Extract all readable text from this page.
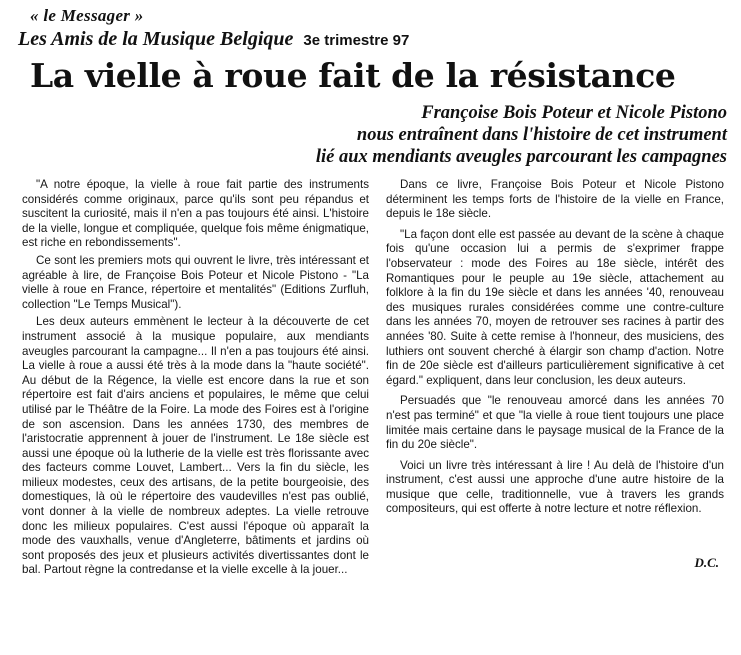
« le Messager »
Les Amis de la Musique Belgique 3e trimestre 97
La vielle à roue fait de la résistance
Françoise Bois Poteur et Nicole Pistono
nous entraînent dans l'histoire de cet instrument
lié aux mendiants aveugles parcourant les campagnes

"A notre époque, la vielle à roue fait partie des instruments considérés comme originaux, parce qu'ils sont peu répandus et suscitent la curiosité, mais il n'en a pas toujours été ainsi. L'histoire de la vielle, longue et compliquée, quelque fois même énigmatique, est riche en rebondissements".

Ce sont les premiers mots qui ouvrent le livre, très intéressant et agréable à lire, de Françoise Bois Poteur et Nicole Pistono - "La vielle à roue en France, répertoire et mentalités" (Editions Zurfluh, collection "Le Temps Musical").

Les deux auteurs emmènent le lecteur à la découverte de cet instrument associé à la musique populaire, aux mendiants aveugles parcourant la campagne... Il n'en a pas toujours été ainsi. La vielle à roue a aussi été très à la mode dans la "haute société". Au début de la Régence, la vielle est encore dans la rue et son répertoire est fait d'airs anciens et populaires, le même que celui utilisé par le Théâtre de la Foire. La mode des Foires est à l'origine de son ascension. Dans les années 1730, des membres de l'aristocratie apprennent à jouer de l'instrument. Le 18e siècle est aussi une époque où la lutherie de la vielle est très florissante avec des facteurs comme Louvet, Lambert... Vers la fin du siècle, les milieux modestes, ceux des artisans, de la petite bourgeoisie, des domestiques, là où le répertoire des vaudevilles n'est pas oublié, vont donner à la vielle de nombreux adeptes. La vielle retrouve donc les milieux populaires. C'est aussi l'époque où apparaît la mode des vauxhalls, venue d'Angleterre, bâtiments et jardins où sont proposés des jeux et plusieurs activités divertissantes dont le bal. Partout règne la contredanse et la vielle excelle à la jouer...

Dans ce livre, Françoise Bois Poteur et Nicole Pistono déterminent les temps forts de l'histoire de la vielle en France, depuis le 18e siècle.

"La façon dont elle est passée au devant de la scène à chaque fois qu'une occasion lui a permis de s'exprimer frappe l'observateur : mode des Foires au 18e siècle, intérêt des Romantiques pour le peuple au 19e siècle, attachement au folklore à la fin du 19e siècle et dans les années '40, renouveau des musiques rurales considérées comme une contre-culture dans les années 70, moyen de retrouver ses racines à partir des années '80. Suite à cette remise à l'honneur, des musiciens, des luthiers ont souvent cherché à élargir son champ d'action. Notre fin de 20e siècle est d'ailleurs particulièrement significative à cet égard." expliquent, dans leur conclusion, les deux auteurs.

Persuadés que "le renouveau amorcé dans les années 70 n'est pas terminé" et que "la vielle à roue tient toujours une place limitée mais certaine dans le paysage musical de la France de la fin du 20e siècle".

Voici un livre très intéressant à lire ! Au delà de l'histoire d'un instrument, c'est aussi une approche d'une autre histoire de la musique que celle, traditionnelle, vue à travers les grands compositeurs, qui est offerte à notre lecture et notre réflexion.

D.C.
